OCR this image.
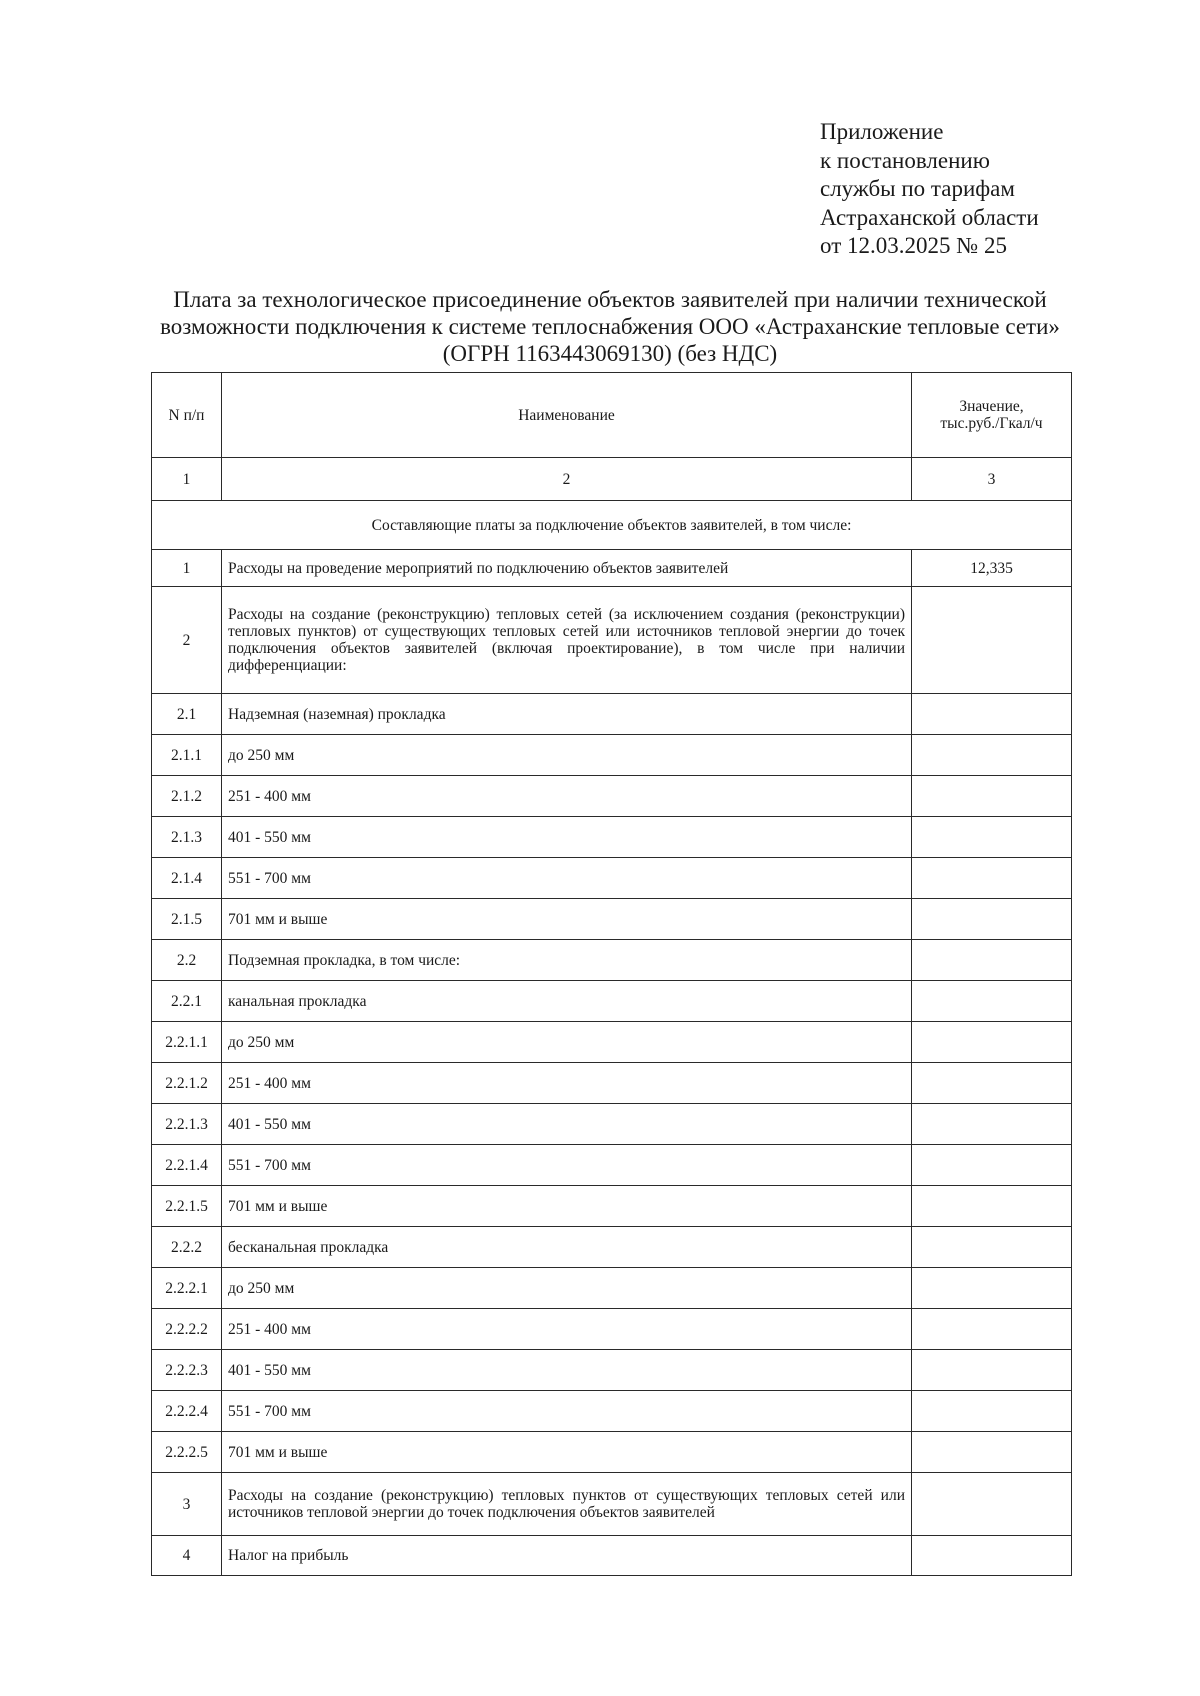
Приложение
к постановлению
службы по тарифам
Астраханской области
от 12.03.2025 № 25
Плата за технологическое присоединение объектов заявителей при наличии технической
возможности подключения к системе теплоснабжения ООО «Астраханские тепловые сети»
(ОГРН 1163443069130) (без НДС)
N п/п	Наименование	Значение,
тыс.руб./Гкал/ч
1	2	3
Составляющие платы за подключение объектов заявителей, в том числе:		
1	Расходы на проведение мероприятий по подключению объектов заявителей	12,335
2	Расходы на создание (реконструкцию) тепловых сетей (за исключением создания (реконструкции) тепловых пунктов) от существующих тепловых сетей или источников тепловой энергии до точек подключения объектов заявителей (включая проектирование), в том числе при наличии дифференциации:	
2.1	Надземная (наземная) прокладка	
2.1.1	до 250 мм	
2.1.2	251 - 400 мм	
2.1.3	401 - 550 мм	
2.1.4	551 - 700 мм	
2.1.5	701 мм и выше	
2.2	Подземная прокладка, в том числе:	
2.2.1	канальная прокладка	
2.2.1.1	до 250 мм	
2.2.1.2	251 - 400 мм	
2.2.1.3	401 - 550 мм	
2.2.1.4	551 - 700 мм	
2.2.1.5	701 мм и выше	
2.2.2	бесканальная прокладка	
2.2.2.1	до 250 мм	
2.2.2.2	251 - 400 мм	
2.2.2.3	401 - 550 мм	
2.2.2.4	551 - 700 мм	
2.2.2.5	701 мм и выше	
3	Расходы на создание (реконструкцию) тепловых пунктов от существующих тепловых сетей или источников тепловой энергии до точек подключения объектов заявителей	
4	Налог на прибыль	
